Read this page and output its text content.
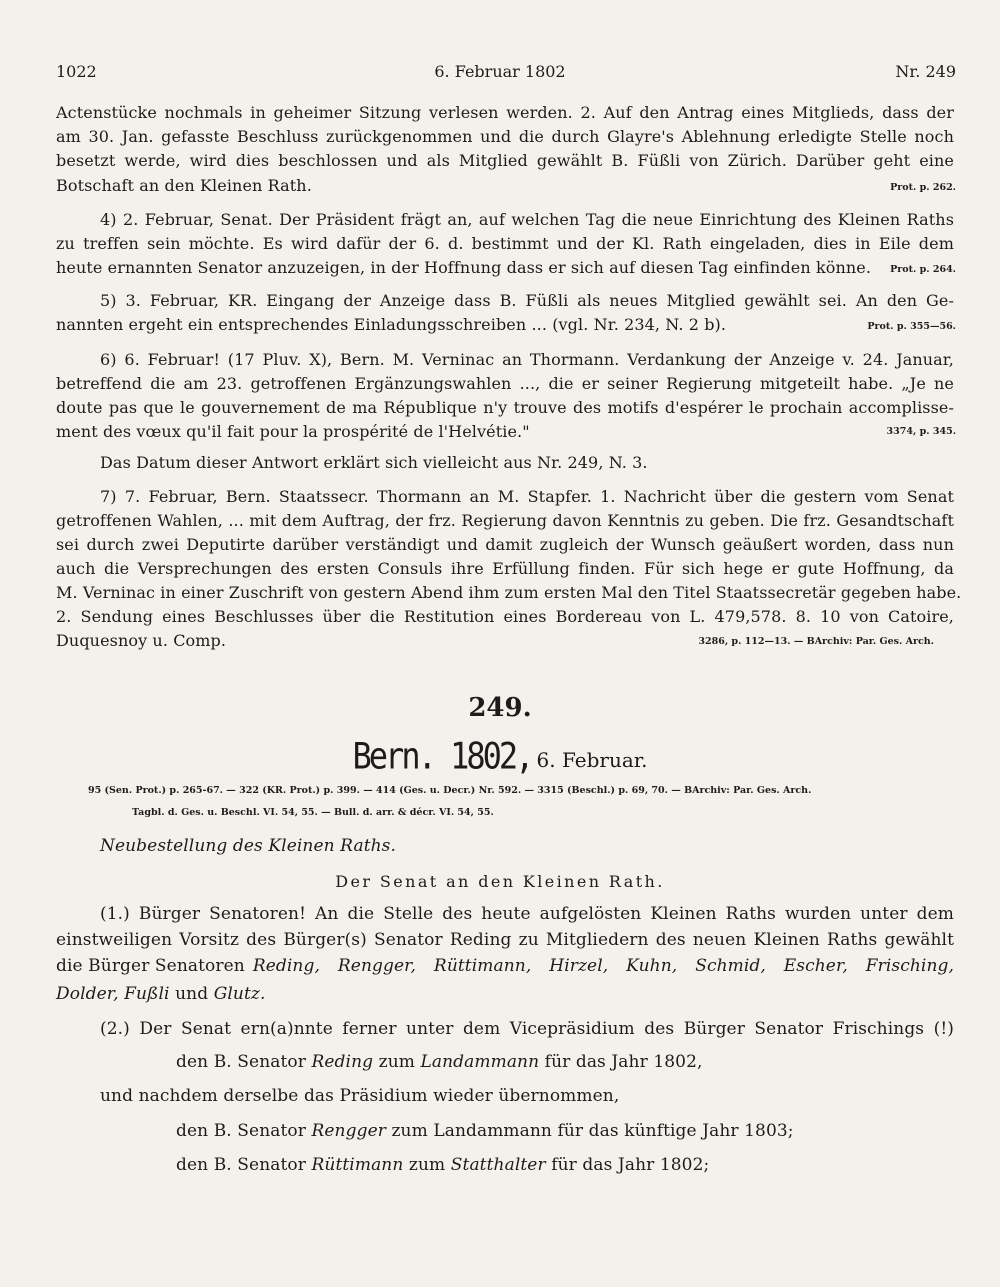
1022	6. Februar 1802	Nr. 249
Actenstücke nochmals in geheimer Sitzung verlesen werden. 2. Auf den Antrag eines Mitglieds, dass der
am 30. Jan. gefasste Beschluss zurückgenommen und die durch Glayre's Ablehnung erledigte Stelle noch
besetzt werde, wird dies beschlossen und als Mitglied gewählt B. Füßli von Zürich. Darüber geht eine
Botschaft an den Kleinen Rath.	Prot. p. 262.
4) 2. Februar, Senat. Der Präsident frägt an, auf welchen Tag die neue Einrichtung des Kleinen Raths
zu treffen sein möchte. Es wird dafür der 6. d. bestimmt und der Kl. Rath eingeladen, dies in Eile dem
heute ernannten Senator anzuzeigen, in der Hoffnung dass er sich auf diesen Tag einfinden könne. Prot. p. 264.
5) 3. Februar, KR. Eingang der Anzeige dass B. Füßli als neues Mitglied gewählt sei. An den Ge-
nannten ergeht ein entsprechendes Einladungsschreiben ... (vgl. Nr. 234, N. 2 b).	Prot. p. 355—56.
6) 6. Februar! (17 Pluv. X), Bern. M. Verninac an Thormann. Verdankung der Anzeige v. 24. Januar,
betreffend die am 23. getroffenen Ergänzungswahlen ..., die er seiner Regierung mitgeteilt habe. „Je ne
doute pas que le gouvernement de ma République n'y trouve des motifs d'espérer le prochain accomplisse-
ment des vœux qu'il fait pour la prospérité de l'Helvétie."	3374, p. 345.
Das Datum dieser Antwort erklärt sich vielleicht aus Nr. 249, N. 3.
7) 7. Februar, Bern. Staatssecr. Thormann an M. Stapfer. 1. Nachricht über die gestern vom Senat
getroffenen Wahlen, ... mit dem Auftrag, der frz. Regierung davon Kenntnis zu geben. Die frz. Gesandtschaft
sei durch zwei Deputirte darüber verständigt und damit zugleich der Wunsch geäußert worden, dass nun
auch die Versprechungen des ersten Consuls ihre Erfüllung finden. Für sich hege er gute Hoffnung, da
M. Verninac in einer Zuschrift von gestern Abend ihm zum ersten Mal den Titel Staatssecretär gegeben habe.
2. Sendung eines Beschlusses über die Restitution eines Bordereau von L. 479,578. 8. 10 von Catoire,
Duquesnoy u. Comp.	3286, p. 112—13. — BArchiv: Par. Ges. Arch.
249.
Bern. 1802, 6. Februar.
95 (Sen. Prot.) p. 265-67. — 322 (KR. Prot.) p. 399. — 414 (Ges. u. Decr.) Nr. 592. — 3315 (Beschl.) p. 69, 70. — BArchiv: Par. Ges. Arch.
Tagbl. d. Ges. u. Beschl. VI. 54, 55. — Bull. d. arr. & décr. VI. 54, 55.
Neubestellung des Kleinen Raths.
Der Senat an den Kleinen Rath.
(1.) Bürger Senatoren! An die Stelle des heute aufgelösten Kleinen Raths wurden unter dem
einstweiligen Vorsitz des Bürger(s) Senator Reding zu Mitgliedern des neuen Kleinen Raths gewählt
die Bürger Senatoren Reding, Rengger, Rüttimann, Hirzel, Kuhn, Schmid, Escher, Frisching,
Dolder, Fußli und Glutz.
(2.) Der Senat ern(a)nnte ferner unter dem Vicepräsidium des Bürger Senator Frischings (!)
den B. Senator Reding zum Landammann für das Jahr 1802,
und nachdem derselbe das Präsidium wieder übernommen,
den B. Senator Rengger zum Landammann für das künftige Jahr 1803;
den B. Senator Rüttimann zum Statthalter für das Jahr 1802;
